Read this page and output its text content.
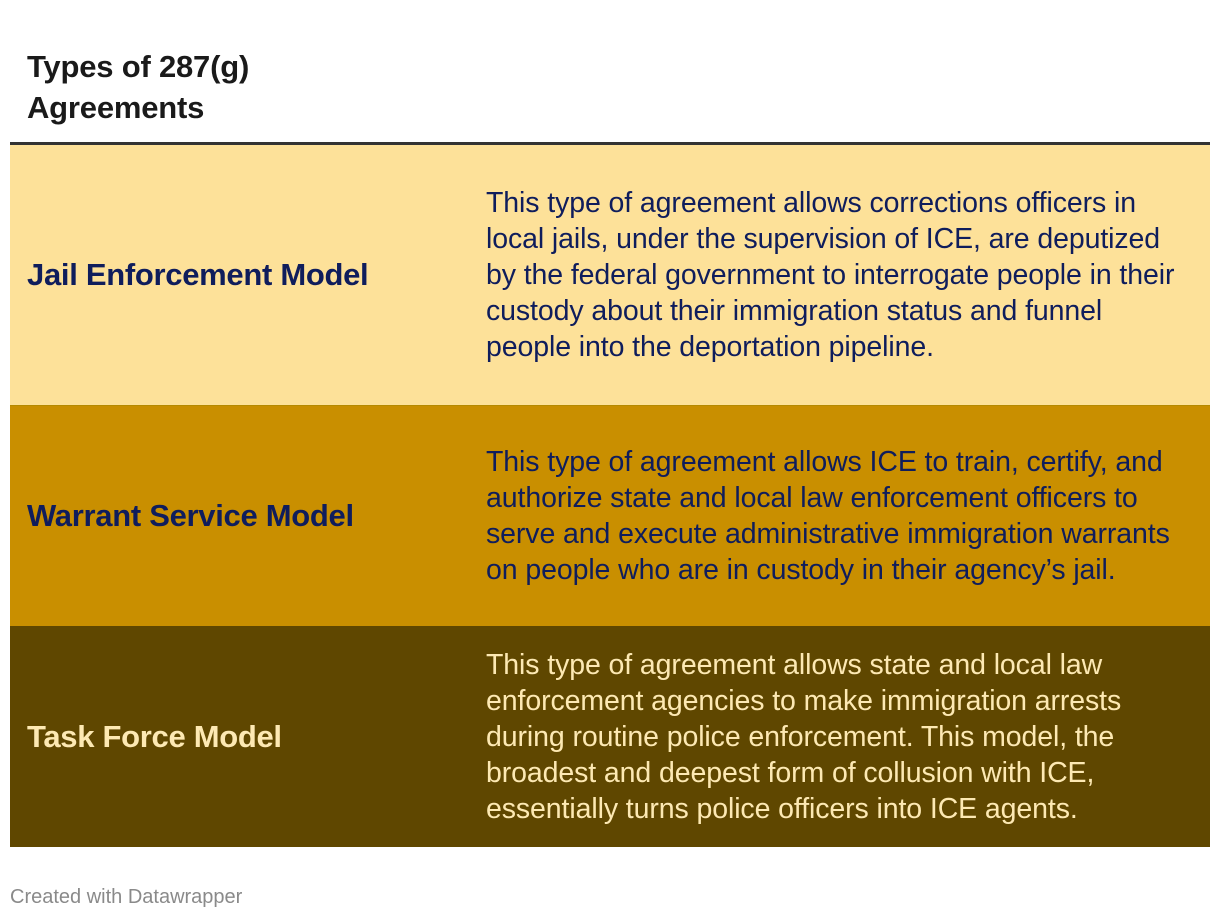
Types of 287(g) Agreements
Jail Enforcement Model
This type of agreement allows corrections officers in local jails, under the supervision of ICE, are deputized by the federal government to interrogate people in their custody about their immigration status and funnel people into the deportation pipeline.
Warrant Service Model
This type of agreement allows ICE to train, certify, and authorize state and local law enforcement officers to serve and execute administrative immigration warrants on people who are in custody in their agency’s jail.
Task Force Model
This type of agreement allows state and local law enforcement agencies to make immigration arrests during routine police enforcement. This model, the broadest and deepest form of collusion with ICE, essentially turns police officers into ICE agents.
Created with Datawrapper
